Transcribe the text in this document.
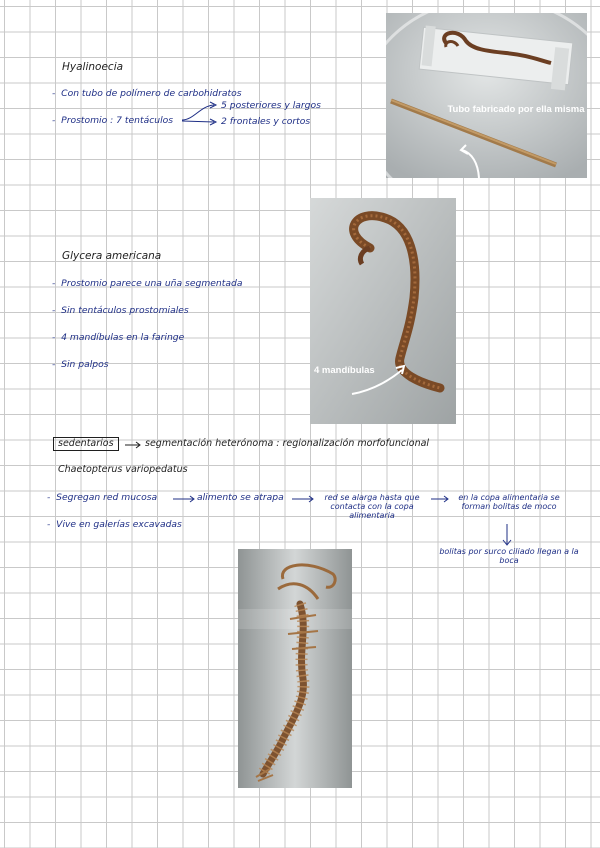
Hyalinoecia
-  Con tubo de polímero de carbohidratos
-  Prostomio : 7 tentáculos
5 posteriores y largos
2 frontales y cortos
Tubo fabricado por ella misma
Glycera americana
-  Prostomio parece una uña segmentada
-  Sin tentáculos prostomiales
-  4 mandíbulas en la faringe
-  Sin palpos
4 mandíbulas
sedentarios	segmentación heterónoma : regionalización morfofuncional
Chaetopterus variopedatus
-  Segregan red mucosa	alimento se atrapa	red se alarga hasta que contacta con la copa alimentaria
en la copa alimentaria se forman bolitas de moco
bolitas por surco ciliado llegan a la boca
-  Vive en galerías excavadas
